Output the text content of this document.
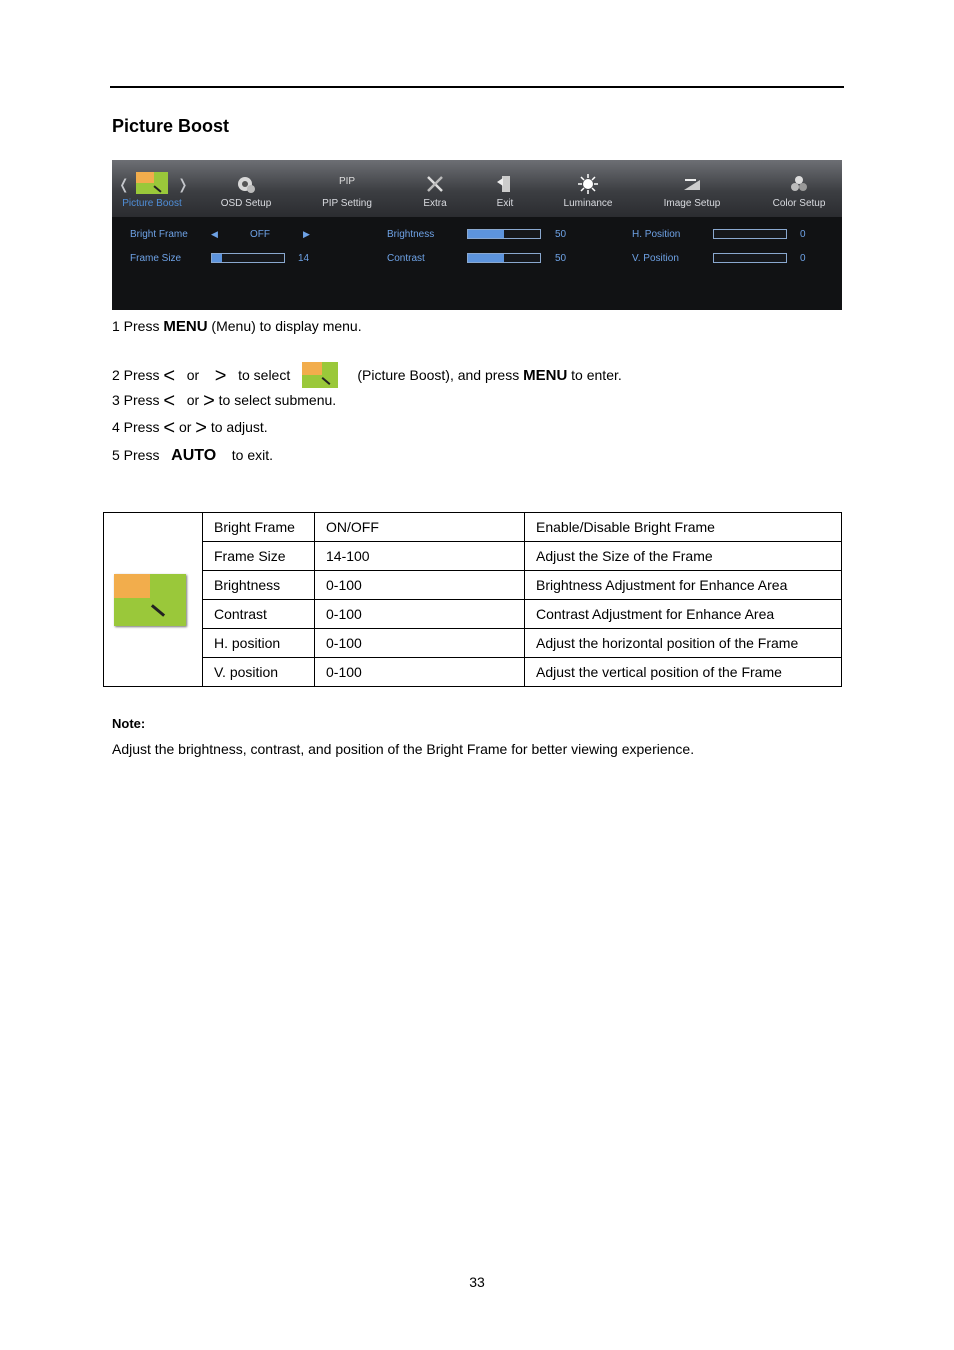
Picture Boost
❬	❭
Picture Boost	OSD Setup
PIP
PIP Setting	Extra	Exit	Luminance	Image Setup	Color Setup
Bright Frame	◀	OFF	▶
Frame Size	14
Brightness	50
Contrast	50
H. Position	0
V. Position	0
1 Press MENU (Menu) to display menu.
2 Press < or > to select	(Picture Boost), and press MENU to enter.
3 Press < or > to select submenu.
4 Press < or > to adjust.
5 Press   AUTO to exit.
	Bright Frame	ON/OFF	Enable/Disable Bright Frame
	Frame Size	14-100	Adjust the Size of the Frame
	Brightness	0-100	Brightness Adjustment for Enhance Area
	Contrast	0-100	Contrast Adjustment for Enhance Area
	H. position	0-100	Adjust the horizontal position of the Frame
	V. position	0-100	Adjust the vertical position of the Frame
Note:
Adjust the brightness, contrast, and position of the Bright Frame for better viewing experience.
33
